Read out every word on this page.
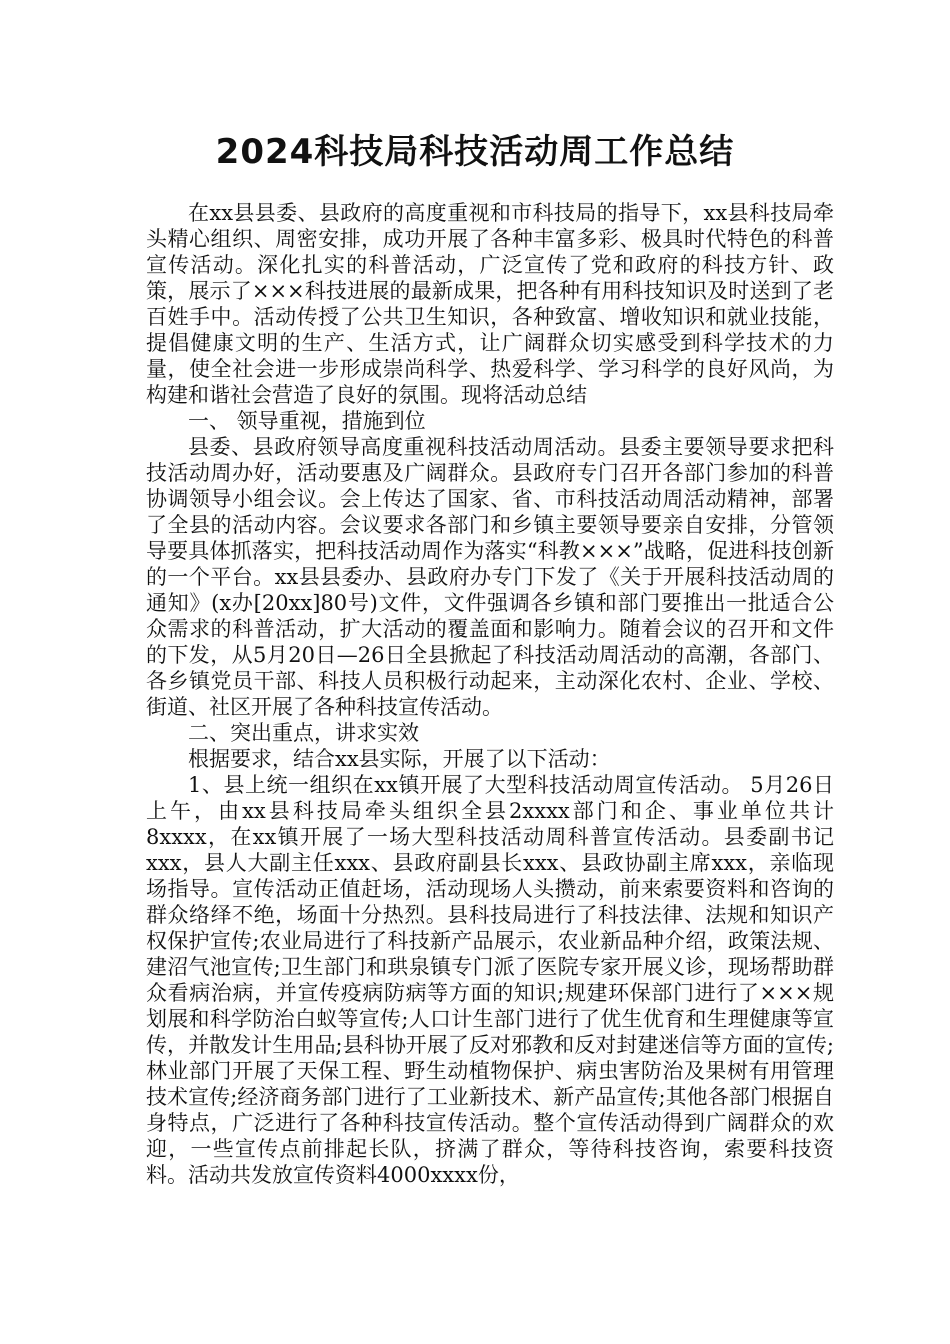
2024科技局科技活动周工作总结

在xx县县委、县政府的高度重视和市科技局的指导下，xx县科技局牵头精心组织、周密安排，成功开展了各种丰富多彩、极具时代特色的科普宣传活动。深化扎实的科普活动，广泛宣传了党和政府的科技方针、政策，展示了×××科技进展的最新成果，把各种有用科技知识及时送到了老百姓手中。活动传授了公共卫生知识，各种致富、增收知识和就业技能，提倡健康文明的生产、生活方式，让广阔群众切实感受到科学技术的力量，使全社会进一步形成崇尚科学、热爱科学、学习科学的良好风尚，为构建和谐社会营造了良好的氛围。现将活动总结

一、 领导重视，措施到位

县委、县政府领导高度重视科技活动周活动。县委主要领导要求把科技活动周办好，活动要惠及广阔群众。县政府专门召开各部门参加的科普协调领导小组会议。会上传达了国家、省、市科技活动周活动精神，部署了全县的活动内容。会议要求各部门和乡镇主要领导要亲自安排，分管领导要具体抓落实，把科技活动周作为落实“科教×××”战略，促进科技创新的一个平台。xx县县委办、县政府办专门下发了《关于开展科技活动周的通知》(x办[20xx]80号)文件，文件强调各乡镇和部门要推出一批适合公众需求的科普活动，扩大活动的覆盖面和影响力。随着会议的召开和文件的下发，从5月20日—26日全县掀起了科技活动周活动的高潮，各部门、各乡镇党员干部、科技人员积极行动起来，主动深化农村、企业、学校、街道、社区开展了各种科技宣传活动。

二、突出重点，讲求实效

根据要求，结合xx县实际，开展了以下活动：

1、县上统一组织在xx镇开展了大型科技活动周宣传活动。 5月26日上午，由xx县科技局牵头组织全县2xxxx部门和企、事业单位共计8xxxx，在xx镇开展了一场大型科技活动周科普宣传活动。县委副书记xxx，县人大副主任xxx、县政府副县长xxx、县政协副主席xxx，亲临现场指导。宣传活动正值赶场，活动现场人头攒动，前来索要资料和咨询的群众络绎不绝，场面十分热烈。县科技局进行了科技法律、法规和知识产权保护宣传;农业局进行了科技新产品展示，农业新品种介绍，政策法规、建沼气池宣传;卫生部门和珙泉镇专门派了医院专家开展义诊，现场帮助群众看病治病，并宣传疫病防病等方面的知识;规建环保部门进行了×××规划展和科学防治白蚁等宣传;人口计生部门进行了优生优育和生理健康等宣传，并散发计生用品;县科协开展了反对邪教和反对封建迷信等方面的宣传;林业部门开展了天保工程、野生动植物保护、病虫害防治及果树有用管理技术宣传;经济商务部门进行了工业新技术、新产品宣传;其他各部门根据自身特点，广泛进行了各种科技宣传活动。整个宣传活动得到广阔群众的欢迎，一些宣传点前排起长队，挤满了群众，等待科技咨询，索要科技资料。活动共发放宣传资料4000xxxx份，
